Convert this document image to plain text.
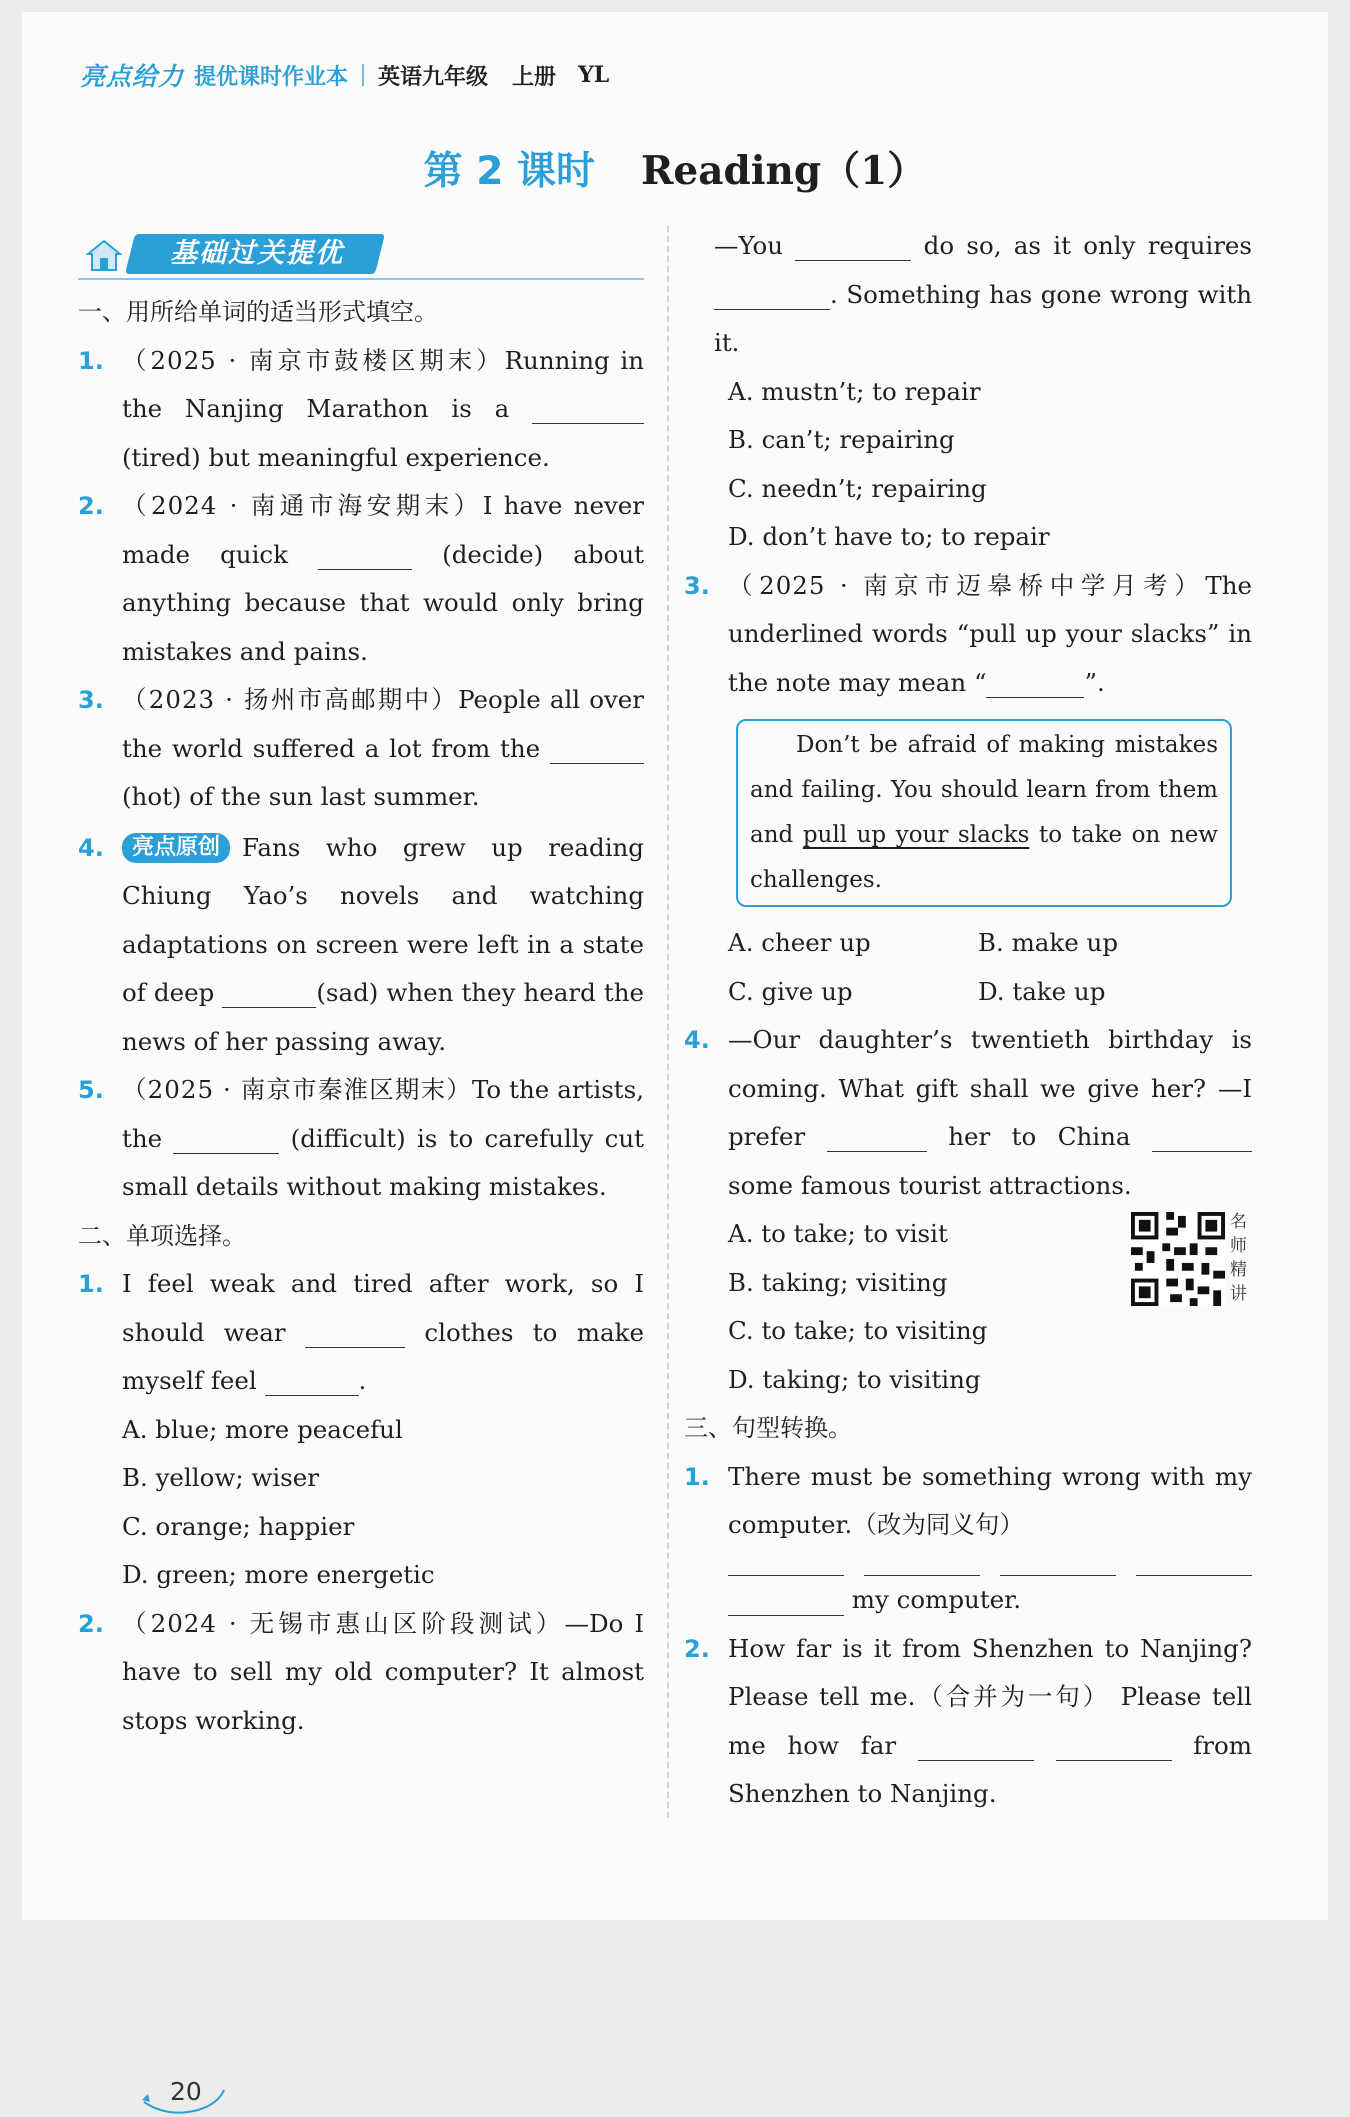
亮点给力 提优课时作业本 英语九年级 上册 YL
第 2 课时 Reading（1）
基础过关提优
一、用所给单词的适当形式填空。
1. （2025 · 南京市鼓楼区期末）Running in the Nanjing Marathon is a  (tired) but meaningful experience.
2. （2024 · 南通市海安期末）I have never made quick	(decide) about anything because that would only bring mistakes and pains.
3. （2023 · 扬州市高邮期中）People all over the world suffered a lot from the (hot) of the sun last summer.
4. 亮点原创 Fans who grew up reading Chiung Yao’s novels and watching adaptations on screen were left in a state of deep	(sad) when they heard the news of her passing away.
5. （2025 · 南京市秦淮区期末）To the artists, the	(difficult) is to carefully cut small details without making mistakes.
二、单项选择。
1. I feel weak and tired after work, so I should wear	clothes to make myself feel	.
A. blue; more peaceful
B. yellow; wiser
C. orange; happier
D. green; more energetic
2. （2024 · 无锡市惠山区阶段测试）—Do I have to sell my old computer? It almost stops working.
20
—You	do so, as it only requires . Something has gone wrong with it.
A. mustn’t; to repair
B. can’t; repairing
C. needn’t; repairing
D. don’t have to; to repair
3. （2025 · 南京市迈皋桥中学月考）The underlined words “pull up your slacks” in the note may mean “	”.
Don’t be afraid of making mistakes and failing. You should learn from them and pull up your slacks to take on new challenges.
A. cheer up	B. make up
C. give up	D. take up
4. —Our daughter’s twentieth birthday is coming. What gift shall we give her? —I prefer	her to China  some famous tourist attractions.
A. to take; to visit
B. taking; visiting
C. to take; to visiting
D. taking; to visiting
三、句型转换。
1. There must be something wrong with my computer.（改为同义句）
my computer.
2. How far is it from Shenzhen to Nanjing? Please tell me.（合并为一句） Please tell me how far	from Shenzhen to Nanjing.
名师精讲
